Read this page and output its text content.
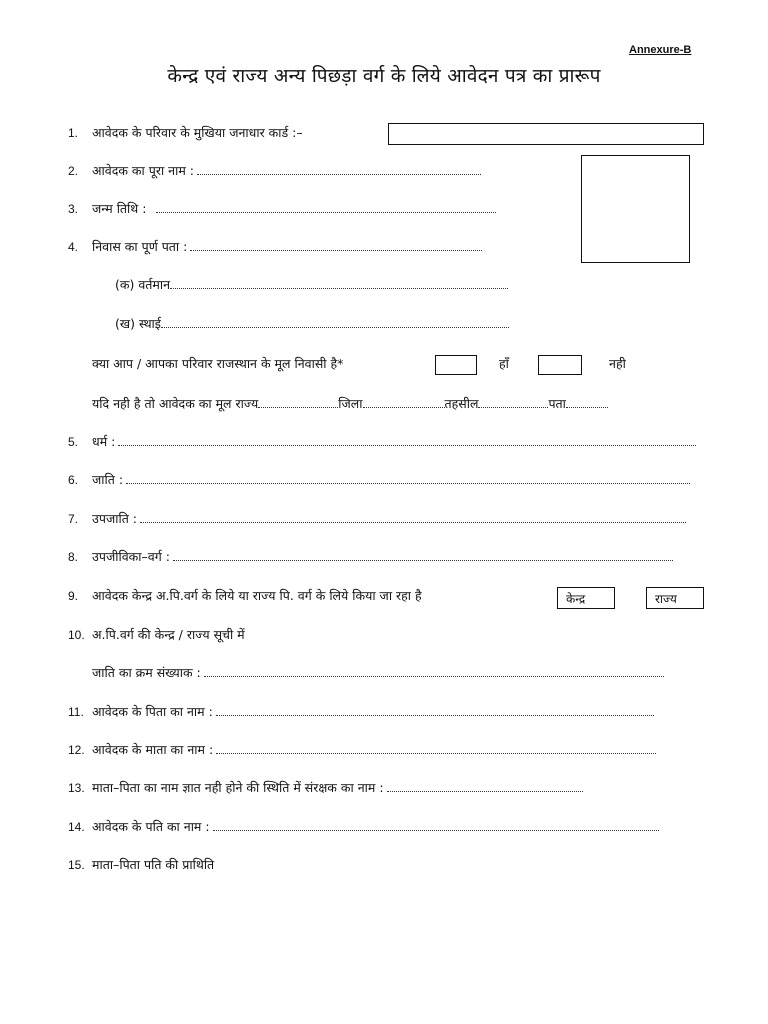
Annexure-B
केन्द्र एवं राज्य अन्य पिछड़ा वर्ग के लिये आवेदन पत्र का प्रारूप
1.	आवेदक के परिवार के मुखिया जनाधार कार्ड :–
2.	आवेदक का पूरा नाम :
3.	जन्म तिथि :
4.	निवास का पूर्ण पता :
(क) वर्तमान
(ख) स्थाई
क्या आप / आपका परिवार राजस्थान के मूल निवासी है*	हाँ	नही
यदि नही है तो आवेदक का मूल राज्य	जिला	तहसील	पता
5.	धर्म :
6.	जाति :
7.	उपजाति :
8.	उपजीविका–वर्ग :
9.	आवेदक केन्द्र अ.पि.वर्ग के लिये या राज्य पि. वर्ग के लिये किया जा रहा है	केन्द्र	राज्य
10. अ.पि.वर्ग की केन्द्र / राज्य सूची में
जाति का क्रम संख्याक :
11. आवेदक के पिता का नाम :
12. आवेदक के माता का नाम :
13. माता–पिता का नाम ज्ञात नही होने की स्थिति में संरक्षक का नाम :
14. आवेदक के पति का नाम :
15. माता–पिता पति की प्राथिति
